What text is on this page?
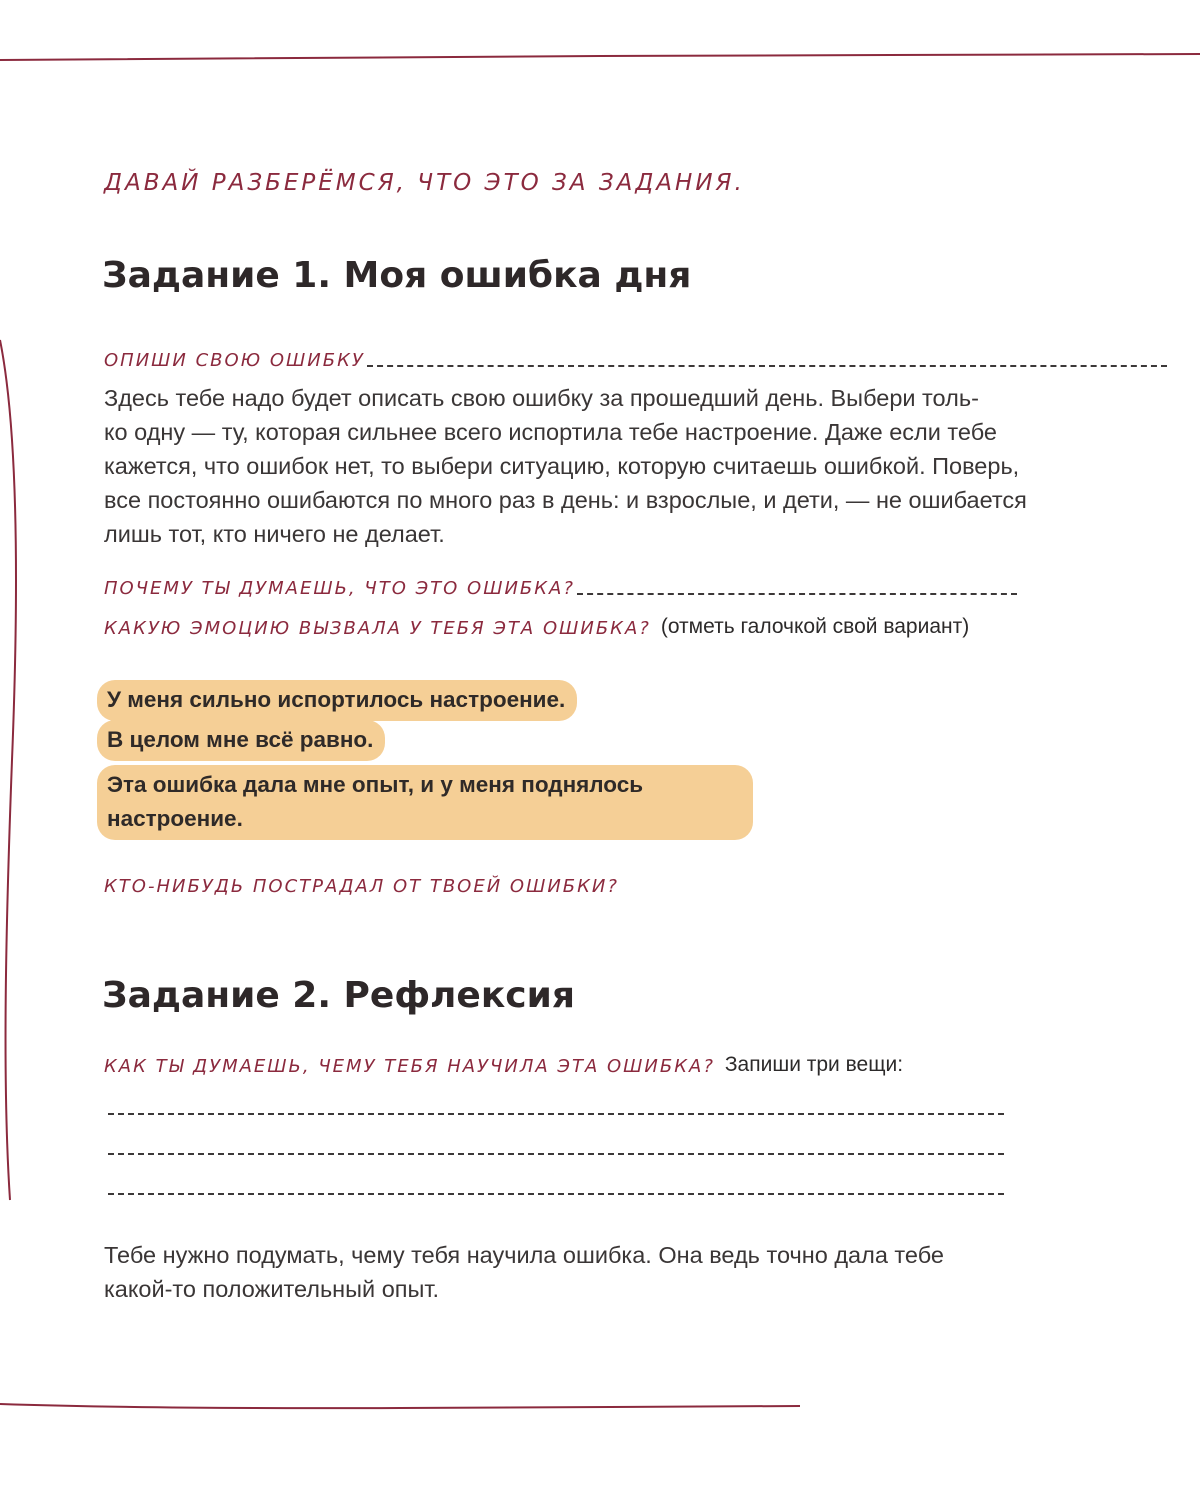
ДАВАЙ РАЗБЕРЁМСЯ, ЧТО ЭТО ЗА ЗАДАНИЯ.
Задание 1. Моя ошибка дня
ОПИШИ СВОЮ ОШИБКУ
Здесь тебе надо будет описать свою ошибку за прошедший день. Выбери толь-
ко одну — ту, которая сильнее всего испортила тебе настроение. Даже если тебе
кажется, что ошибок нет, то выбери ситуацию, которую считаешь ошибкой. Поверь,
все постоянно ошибаются по много раз в день: и взрослые, и дети, — не ошибается
лишь тот, кто ничего не делает.
ПОЧЕМУ ТЫ ДУМАЕШЬ, ЧТО ЭТО ОШИБКА?
КАКУЮ ЭМОЦИЮ ВЫЗВАЛА У ТЕБЯ ЭТА ОШИБКА? (отметь галочкой свой вариант)
У меня сильно испортилось настроение.
В целом мне всё равно.
Эта ошибка дала мне опыт, и у меня поднялось
настроение.
КТО-НИБУДЬ ПОСТРАДАЛ ОТ ТВОЕЙ ОШИБКИ?
Задание 2. Рефлексия
КАК ТЫ ДУМАЕШЬ, ЧЕМУ ТЕБЯ НАУЧИЛА ЭТА ОШИБКА? Запиши три вещи:
Тебе нужно подумать, чему тебя научила ошибка. Она ведь точно дала тебе
какой-то положительный опыт.
